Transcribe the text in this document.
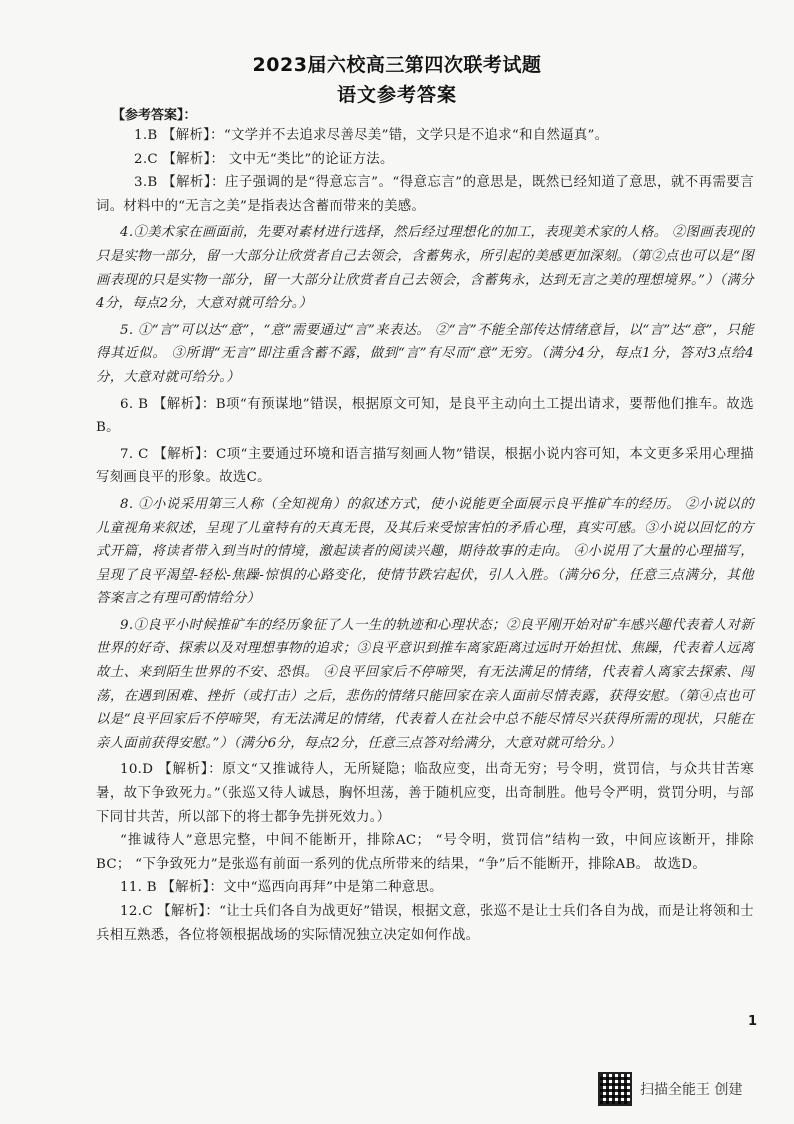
2023届六校高三第四次联考试题
语文参考答案
【参考答案】：

1.B 【解析】：“文学并不去追求尽善尽美”错，文学只是不追求“和自然逼真”。

2.C 【解析】： 文中无“类比”的论证方法。

3.B 【解析】：庄子强调的是“得意忘言”。“得意忘言”的意思是，既然已经知道了意思，就不再需要言词。材料中的“无言之美”是指表达含蓄而带来的美感。

4.①美术家在画面前，先要对素材进行选择，然后经过理想化的加工，表现美术家的人格。 ②图画表现的只是实物一部分，留一大部分让欣赏者自己去领会，含蓄隽永，所引起的美感更加深刻。（第②点也可以是“图画表现的只是实物一部分，留一大部分让欣赏者自己去领会，含蓄隽永，达到无言之美的理想境界。”）（满分4分，每点2分，大意对就可给分。）

5. ①“言”可以达“意”，“意”需要通过“言”来表达。 ②“言”不能全部传达情绪意旨，以“言”达“意”，只能得其近似。 ③所谓“无言”即注重含蓄不露，做到“言”有尽而“意”无穷。（满分4分，每点1分，答对3点给4分，大意对就可给分。）

6. B 【解析】：B项“有预谋地”错误，根据原文可知，是良平主动向土工提出请求，要帮他们推车。故选B。

7. C 【解析】：C项“主要通过环境和语言描写刻画人物”错误，根据小说内容可知，本文更多采用心理描写刻画良平的形象。故选C。

8. ①小说采用第三人称（全知视角）的叙述方式，使小说能更全面展示良平推矿车的经历。 ②小说以的儿童视角来叙述，呈现了儿童特有的天真无畏，及其后来受惊害怕的矛盾心理，真实可感。③小说以回忆的方式开篇，将读者带入到当时的情境，激起读者的阅读兴趣，期待故事的走向。 ④小说用了大量的心理描写，呈现了良平渴望-轻松-焦躁-惊惧的心路变化，使情节跌宕起伏，引人入胜。（满分6分，任意三点满分，其他答案言之有理可酌情给分）

9.①良平小时候推矿车的经历象征了人一生的轨迹和心理状态；②良平刚开始对矿车感兴趣代表着人对新世界的好奇、探索以及对理想事物的追求；③良平意识到推车离家距离过远时开始担忧、焦躁，代表着人远离故土、来到陌生世界的不安、恐惧。 ④良平回家后不停啼哭，有无法满足的情绪，代表着人离家去探索、闯荡，在遇到困难、挫折（或打击）之后，悲伤的情绪只能回家在亲人面前尽情表露，获得安慰。（第④点也可以是“良平回家后不停啼哭，有无法满足的情绪，代表着人在社会中总不能尽情尽兴获得所需的现状，只能在亲人面前获得安慰。”）（满分6分，每点2分，任意三点答对给满分，大意对就可给分。）

10.D 【解析】：原文“又推诚待人，无所疑隐；临敌应变，出奇无穷；号令明，赏罚信，与众共甘苦寒暑，故下争致死力。”（张巡又待人诚恳，胸怀坦荡，善于随机应变，出奇制胜。他号令严明，赏罚分明，与部下同甘共苦，所以部下的将士都争先拼死效力。）

“推诚待人”意思完整，中间不能断开，排除AC； “号令明，赏罚信”结构一致，中间应该断开，排除BC； “下争致死力”是张巡有前面一系列的优点所带来的结果，“争”后不能断开，排除AB。 故选D。

11. B 【解析】：文中“巡西向再拜”中是第二种意思。

12.C 【解析】：“让士兵们各自为战更好”错误，根据文意，张巡不是让士兵们各自为战，而是让将领和士兵相互熟悉，各位将领根据战场的实际情况独立决定如何作战。

1
扫描全能王 创建
